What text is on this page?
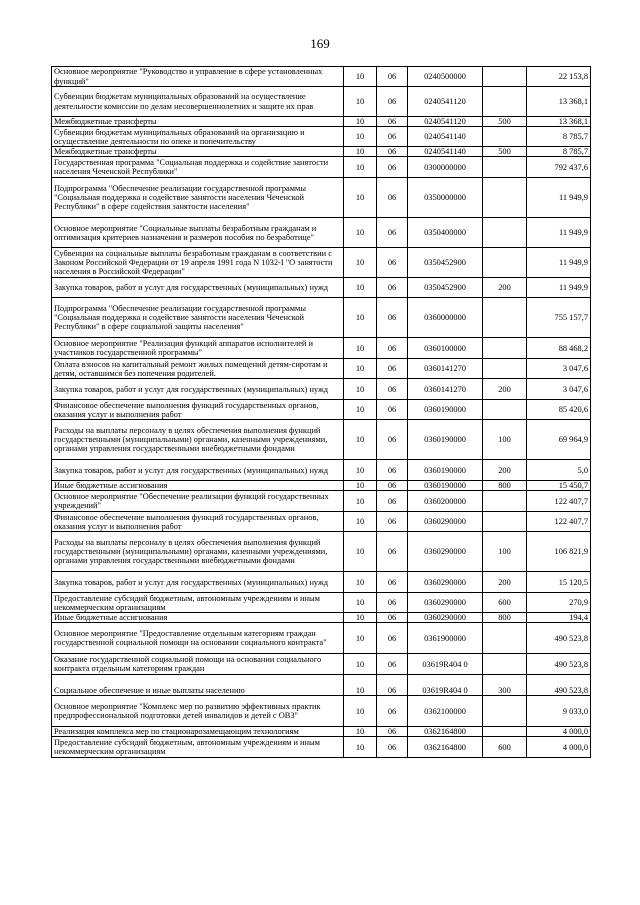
169
Основное мероприятие "Руководство и управление в сфере установленных функций"	10	06	0240500000		22 153,8
Субвенции бюджетам муниципальных образований на осуществление деятельности комиссии по делам несовершеннолетних и защите их прав	10	06	0240541120		13 368,1
Межбюджетные трансферты	10	06	0240541120	500	13 368,1
Субвенции бюджетам муниципальных образований на организацию и осуществление деятельности по опеке и попечительству	10	06	0240541140		8 785,7
Межбюджетные трансферты	10	06	0240541140	500	8 785,7
Государственная программа "Социальная поддержка и содействие занятости населения Чеченской Республики"	10	06	0300000000		792 437,6
Подпрограмма "Обеспечение реализации государственной программы "Социальная поддержка и содействие занятости населения Чеченской Республики" в сфере содействия занятости населения"	10	06	0350000000		11 949,9
Основное мероприятие "Социальные выплаты безработным гражданам и оптимизация критериев назначения и размеров пособия по безработице"	10	06	0350400000		11 949,9
Субвенции на социальные выплаты безработным гражданам в соответствии с Законом Российской Федерации от 19 апреля 1991 года N 1032-I "О занятости населения в Российской Федерации"	10	06	0350452900		11 949,9
Закупка товаров, работ и услуг для государственных (муниципальных) нужд	10	06	0350452900	200	11 949,9
Подпрограмма "Обеспечение реализации государственной программы "Социальная поддержка и содействие занятости населения Чеченской Республики" в сфере социальной защиты населения"	10	06	0360000000		755 157,7
Основное мероприятие "Реализация функций аппаратов исполнителей и участников государственной программы"	10	06	0360100000		88 468,2
Оплата взносов на капитальный ремонт жилых помещений детям-сиротам и детям, оставшимся без попечения родителей.	10	06	0360141270		3 047,6
Закупка товаров, работ и услуг для государственных (муниципальных) нужд	10	06	0360141270	200	3 047,6
Финансовое обеспечение выполнения функций государственных органов, оказания услуг и выполнения работ	10	06	0360190000		85 420,6
Расходы на выплаты персоналу в целях обеспечения выполнения функций государственными (муниципальными) органами, казенными учреждениями, органами управления государственными внебюджетными фондами	10	06	0360190000	100	69 964,9
Закупка товаров, работ и услуг для государственных (муниципальных) нужд	10	06	0360190000	200	5,0
Иные бюджетные ассигнования	10	06	0360190000	800	15 450,7
Основное мероприятие "Обеспечение реализации функций государственных учреждений"	10	06	0360200000		122 407,7
Финансовое обеспечение выполнения функций государственных органов, оказания услуг и выполнения работ	10	06	0360290000		122 407,7
Расходы на выплаты персоналу в целях обеспечения выполнения функций государственными (муниципальными) органами, казенными учреждениями, органами управления государственными внебюджетными фондами	10	06	0360290000	100	106 821,9
Закупка товаров, работ и услуг для государственных (муниципальных) нужд	10	06	0360290000	200	15 120,5
Предоставление субсидий бюджетным, автономным учреждениям и иным некоммерческим организациям	10	06	0360290000	600	270,9
Иные бюджетные ассигнования	10	06	0360290000	800	194,4
Основное мероприятие "Предоставление отдельным категориям граждан государственной социальной помощи на основании социального контракта"	10	06	0361900000		490 523,8
Оказание государственной социальной помощи на основании социального контракта отдельным категориям граждан	10	06	03619R404 0		490 523,8
Социальное обеспечение и иные выплаты населению	10	06	03619R404 0	300	490 523,8
Основное мероприятие "Комплекс мер по развитию эффективных практик предпрофессиональной подготовки детей инвалидов и детей с ОВЗ"	10	06	0362100000		9 033,0
Реализация комплекса мер по стационарозамещающим технологиям	10	06	0362164800		4 000,0
Предоставление субсидий бюджетным, автономным учреждениям и иным некоммерческим организациям	10	06	0362164800	600	4 000,0
